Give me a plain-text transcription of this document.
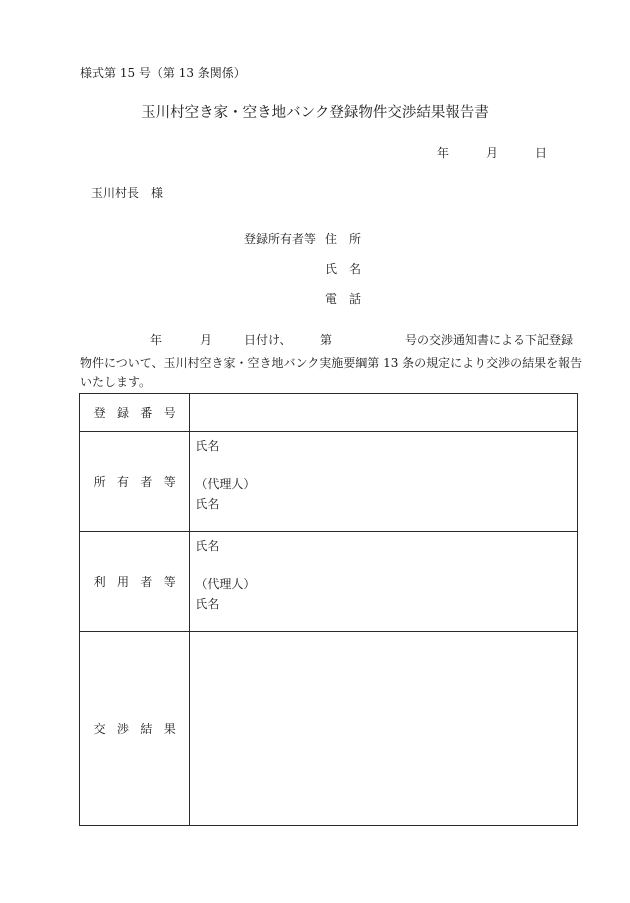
様式第 15 号（第 13 条関係）
玉川村空き家・空き地バンク登録物件交渉結果報告書
年	月	日
玉川村長　様
登録所有者等 住　所
氏　名
電　話
年	月	日付け、 第	号の交渉通知書による下記登録
物件について、玉川村空き家・空き地バンク実施要綱第 13 条の規定により交渉の結果を報告
いたします。
登録番号	
所有者等	氏名
（代理人）
氏名

利用者等	氏名
（代理人）
氏名

交渉結果	
